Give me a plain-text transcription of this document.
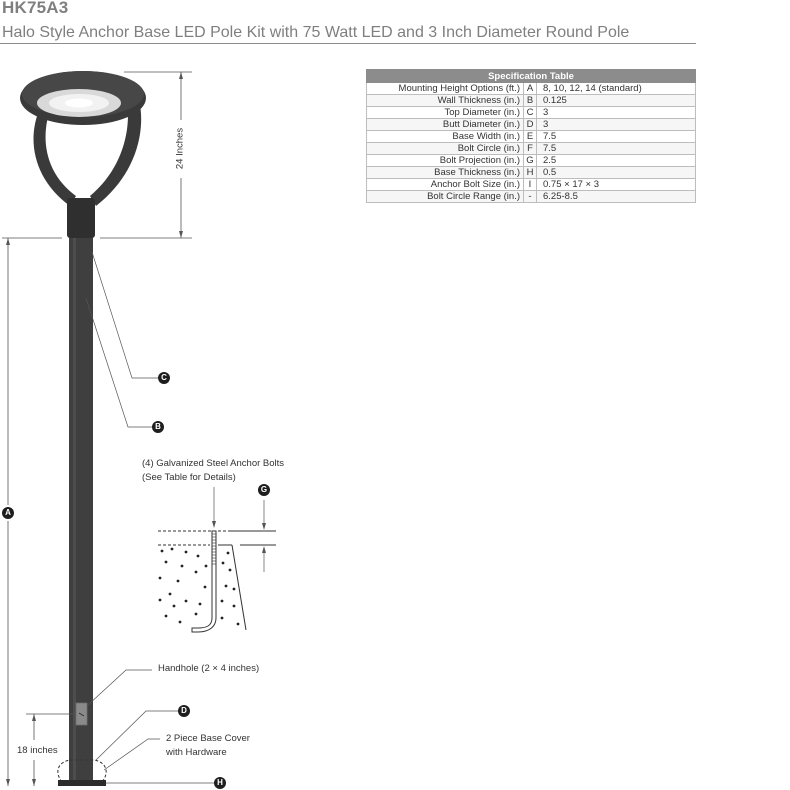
HK75A3
Halo Style Anchor Base LED Pole Kit with 75 Watt LED and 3 Inch Diameter Round Pole
Specification Table		
Mounting Height Options (ft.)	A	8, 10, 12, 14 (standard)
Wall Thickness (in.)	B	0.125
Top Diameter (in.)	C	3
Butt Diameter (in.)	D	3
Base Width (in.)	E	7.5
Bolt Circle (in.)	F	7.5
Bolt Projection (in.)	G	2.5
Base Thickness (in.)	H	0.5
Anchor Bolt Size (in.)	I	0.75 × 17 × 3
Bolt Circle Range (in.)	-	6.25-8.5
24 Inches
(4) Galvanized Steel Anchor Bolts
(See Table for Details)
Handhole (2 × 4 inches)
18 inches
2 Piece Base Cover
with Hardware
A
B
C
D
G
H
